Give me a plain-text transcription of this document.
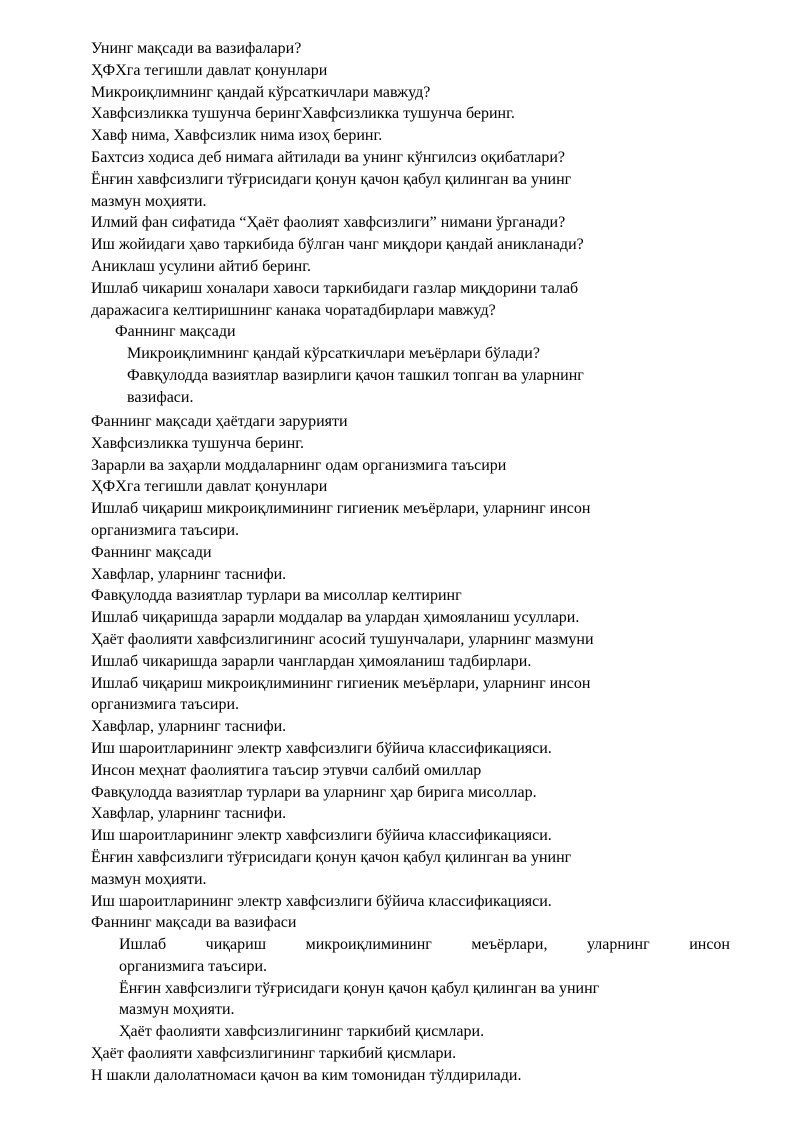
Унинг мақсади ва вазифалари?
ҲФХга тегишли давлат қонунлари
Микроиқлимнинг қандай кўрсаткичлари мавжуд?
Хавфсизликка тушунча берингХавфсизликка тушунча беринг.
Хавф нима, Хавфсизлик нима изоҳ беринг.
Бахтсиз ходиса деб нимага айтилади ва унинг кўнгилсиз оқибатлари?
Ёнғин хавфсизлиги тўғрисидаги қонун қачон қабул қилинган ва унинг
мазмун моҳияти.
Илмий фан сифатида “Ҳаёт фаолият хавфсизлиги” нимани ўрганади?
Иш жойидаги ҳаво таркибида бўлган чанг миқдори қандай аникланади?
Аниклаш усулини айтиб беринг.
Ишлаб чикариш хоналари хавоси таркибидаги газлар миқдорини талаб
даражасига келтиришнинг канака чоратадбирлари мавжуд?
Фаннинг мақсади
Микроиқлимнинг қандай кўрсаткичлари меъёрлари бўлади?
Фавқулодда вазиятлар вазирлиги қачон ташкил топган ва уларнинг
вазифаси.
Фаннинг мақсади ҳаётдаги зарурияти
Хавфсизликка тушунча беринг.
Зарарли ва заҳарли моддаларнинг одам организмига таъсири
ҲФХга тегишли давлат қонунлари
Ишлаб чиқариш микроиқлимининг гигиеник меъёрлари, уларнинг инсон
организмига таъсири.
Фаннинг мақсади
Хавфлар, уларнинг таснифи.
Фавқулодда вазиятлар турлари ва мисоллар келтиринг
Ишлаб чиқаришда зарарли моддалар ва улардан ҳимояланиш усуллари.
Ҳаёт фаолияти хавфсизлигининг асосий тушунчалари, уларнинг мазмуни
Ишлаб чикаришда зарарли чанглардан ҳимояланиш тадбирлари.
Ишлаб чиқариш микроиқлимининг гигиеник меъёрлари, уларнинг инсон
организмига таъсири.
Хавфлар, уларнинг таснифи.
Иш шароитларининг электр хавфсизлиги бўйича классификацияси.
Инсон меҳнат фаолиятига таъсир этувчи салбий омиллар
Фавқулодда вазиятлар турлари ва уларнинг ҳар бирига мисоллар.
Хавфлар, уларнинг таснифи.
Иш шароитларининг электр хавфсизлиги бўйича классификацияси.
Ёнғин хавфсизлиги тўғрисидаги қонун қачон қабул қилинган ва унинг
мазмун моҳияти.
Иш шароитларининг электр хавфсизлиги бўйича классификацияси.
Фаннинг мақсади ва вазифаси
Ишлаб чиқариш микроиқлимининг меъёрлари, уларнинг инсон
организмига таъсири.
Ёнғин хавфсизлиги тўғрисидаги қонун қачон қабул қилинган ва унинг
мазмун моҳияти.
Ҳаёт фаолияти хавфсизлигининг таркибий қисмлари.
Ҳаёт фаолияти хавфсизлигининг таркибий қисмлари.
Н шакли далолатномаси қачон ва ким томонидан тўлдирилади.
